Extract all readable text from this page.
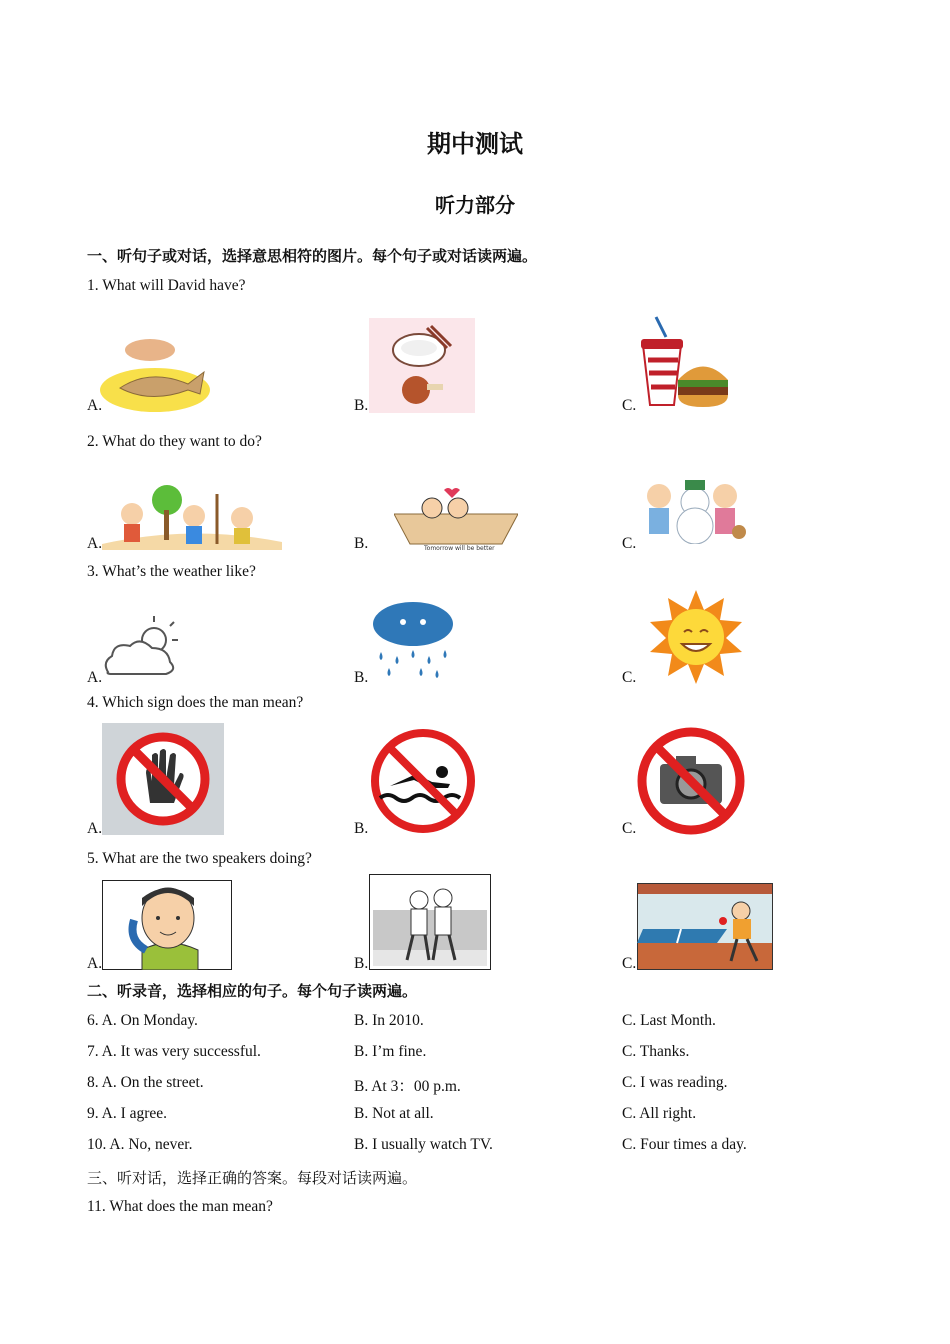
期中测试
听力部分
一、听句子或对话，选择意思相符的图片。每个句子或对话读两遍。
1. What will David have?
A.	B.	C.
2. What do they want to do?
A.	B.	Tomorrow will be better	C.
3. What’s the weather like?
A.	B.	C.
4. Which sign does the man mean?
A.	B.	C.
5. What are the two speakers doing?
A.	B.	C.
二、听录音，选择相应的句子。每个句子读两遍。
6. A. On Monday.	B. In 2010.	C. Last Month.
7. A. It was very successful.	B. I’m fine.	C. Thanks.
8. A. On the street.	B. At 3：00 p.m.	C. I was reading.
9. A. I agree.	B. Not at all.	C. All right.
10. A. No, never.	B. I usually watch TV.	C. Four times a day.
三、听对话，选择正确的答案。每段对话读两遍。
11. What does the man mean?
